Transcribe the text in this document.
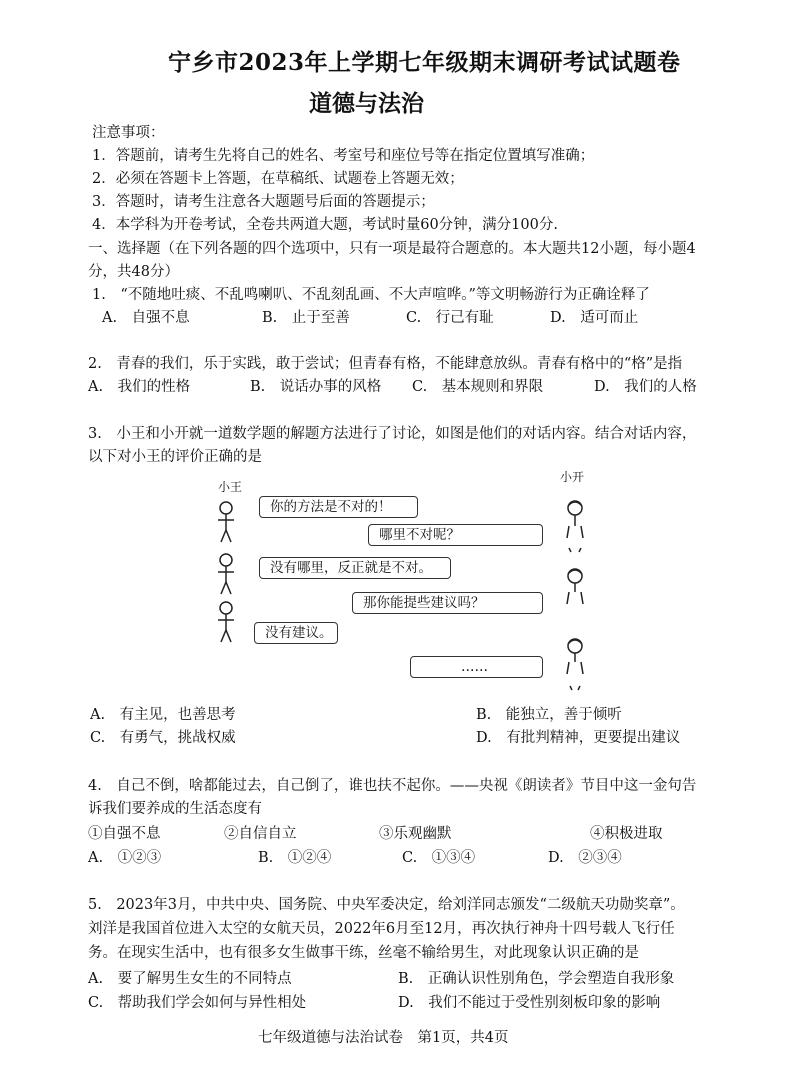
宁乡市2023年上学期七年级期末调研考试试题卷
道德与法治
注意事项：
1．答题前，请考生先将自己的姓名、考室号和座位号等在指定位置填写准确；
2．必须在答题卡上答题，在草稿纸、试题卷上答题无效；
3．答题时，请考生注意各大题题号后面的答题提示；
4．本学科为开卷考试，全卷共两道大题，考试时量60分钟，满分100分.
一、选择题（在下列各题的四个选项中，只有一项是最符合题意的。本大题共12小题，每小题4
分，共48分）
1.　“不随地吐痰、不乱鸣喇叭、不乱刻乱画、不大声喧哗。”等文明畅游行为正确诠释了
A.　自强不息	B.　止于至善	C.　行己有耻	D.　适可而止
2.　青春的我们，乐于实践，敢于尝试；但青春有格，不能肆意放纵。青春有格中的“格”是指
A.　我们的性格	B.　说话办事的风格 C.　基本规则和界限	D.　我们的人格
3.　小王和小开就一道数学题的解题方法进行了讨论，如图是他们的对话内容。结合对话内容，
以下对小王的评价正确的是
小王
小开
你的方法是不对的！
哪里不对呢？
没有哪里，反正就是不对。
那你能提些建议吗？
没有建议。
……
A.　有主见，也善思考	B.　能独立，善于倾听
C.　有勇气，挑战权威	D.　有批判精神，更要提出建议
4.　自己不倒，啥都能过去，自己倒了，谁也扶不起你。——央视《朗读者》节目中这一金句告
诉我们要养成的生活态度有
①自强不息	②自信自立	③乐观幽默	④积极进取
A.　①②③	B.　①②④	C.　①③④	D.　②③④
5.　2023年3月，中共中央、国务院、中央军委决定，给刘洋同志颁发“二级航天功勋奖章”。
刘洋是我国首位进入太空的女航天员，2022年6月至12月，再次执行神舟十四号载人飞行任
务。在现实生活中，也有很多女生做事干练，丝毫不输给男生，对此现象认识正确的是
A.　要了解男生女生的不同特点	B.　正确认识性别角色，学会塑造自我形象
C.　帮助我们学会如何与异性相处	D.　我们不能过于受性别刻板印象的影响
七年级道德与法治试卷　第1页，共4页
